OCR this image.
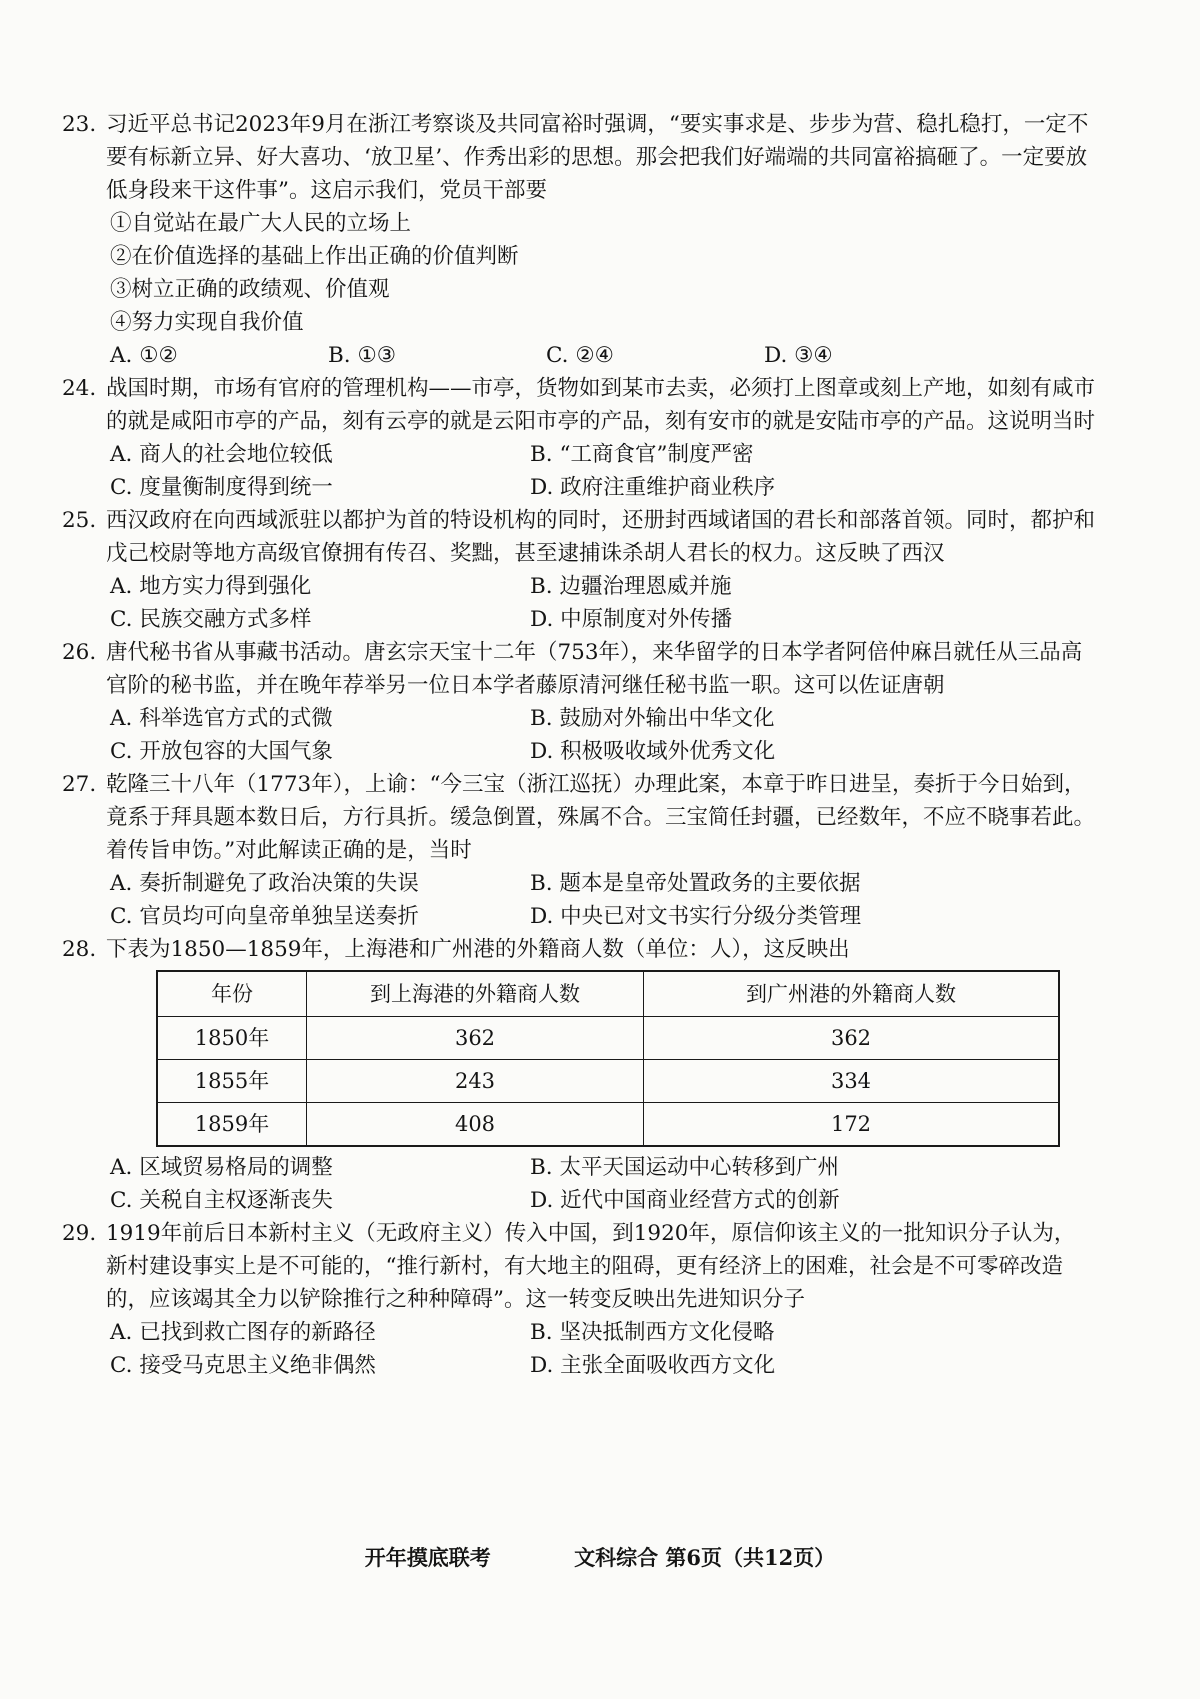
23. 习近平总书记2023年9月在浙江考察谈及共同富裕时强调，“要实事求是、步步为营、稳扎稳打，一定不要有标新立异、好大喜功、‘放卫星’、作秀出彩的思想。那会把我们好端端的共同富裕搞砸了。一定要放低身段来干这件事”。这启示我们，党员干部要
①自觉站在最广大人民的立场上
②在价值选择的基础上作出正确的价值判断
③树立正确的政绩观、价值观
④努力实现自我价值
A. ①②	B. ①③	C. ②④	D. ③④
24. 战国时期，市场有官府的管理机构——市亭，货物如到某市去卖，必须打上图章或刻上产地，如刻有咸市的就是咸阳市亭的产品，刻有云亭的就是云阳市亭的产品，刻有安市的就是安陆市亭的产品。这说明当时
A. 商人的社会地位较低	B. “工商食官”制度严密
C. 度量衡制度得到统一	D. 政府注重维护商业秩序
25. 西汉政府在向西域派驻以都护为首的特设机构的同时，还册封西域诸国的君长和部落首领。同时，都护和戊己校尉等地方高级官僚拥有传召、奖黜，甚至逮捕诛杀胡人君长的权力。这反映了西汉
A. 地方实力得到强化	B. 边疆治理恩威并施
C. 民族交融方式多样	D. 中原制度对外传播
26. 唐代秘书省从事藏书活动。唐玄宗天宝十二年（753年），来华留学的日本学者阿倍仲麻吕就任从三品高官阶的秘书监，并在晚年荐举另一位日本学者藤原清河继任秘书监一职。这可以佐证唐朝
A. 科举选官方式的式微	B. 鼓励对外输出中华文化
C. 开放包容的大国气象	D. 积极吸收域外优秀文化
27. 乾隆三十八年（1773年），上谕：“今三宝（浙江巡抚）办理此案，本章于昨日进呈，奏折于今日始到，竟系于拜具题本数日后，方行具折。缓急倒置，殊属不合。三宝简任封疆，已经数年，不应不晓事若此。着传旨申饬。”对此解读正确的是，当时
A. 奏折制避免了政治决策的失误	B. 题本是皇帝处置政务的主要依据
C. 官员均可向皇帝单独呈送奏折	D. 中央已对文书实行分级分类管理
28. 下表为1850—1859年，上海港和广州港的外籍商人数（单位：人），这反映出
年份	到上海港的外籍商人数	到广州港的外籍商人数
1850年	362	362
1855年	243	334
1859年	408	172
A. 区域贸易格局的调整	B. 太平天国运动中心转移到广州
C. 关税自主权逐渐丧失	D. 近代中国商业经营方式的创新
29. 1919年前后日本新村主义（无政府主义）传入中国，到1920年，原信仰该主义的一批知识分子认为，新村建设事实上是不可能的，“推行新村，有大地主的阻碍，更有经济上的困难，社会是不可零碎改造的，应该竭其全力以铲除推行之种种障碍”。这一转变反映出先进知识分子
A. 已找到救亡图存的新路径	B. 坚决抵制西方文化侵略
C. 接受马克思主义绝非偶然	D. 主张全面吸收西方文化
开年摸底联考	文科综合 第6页（共12页）
